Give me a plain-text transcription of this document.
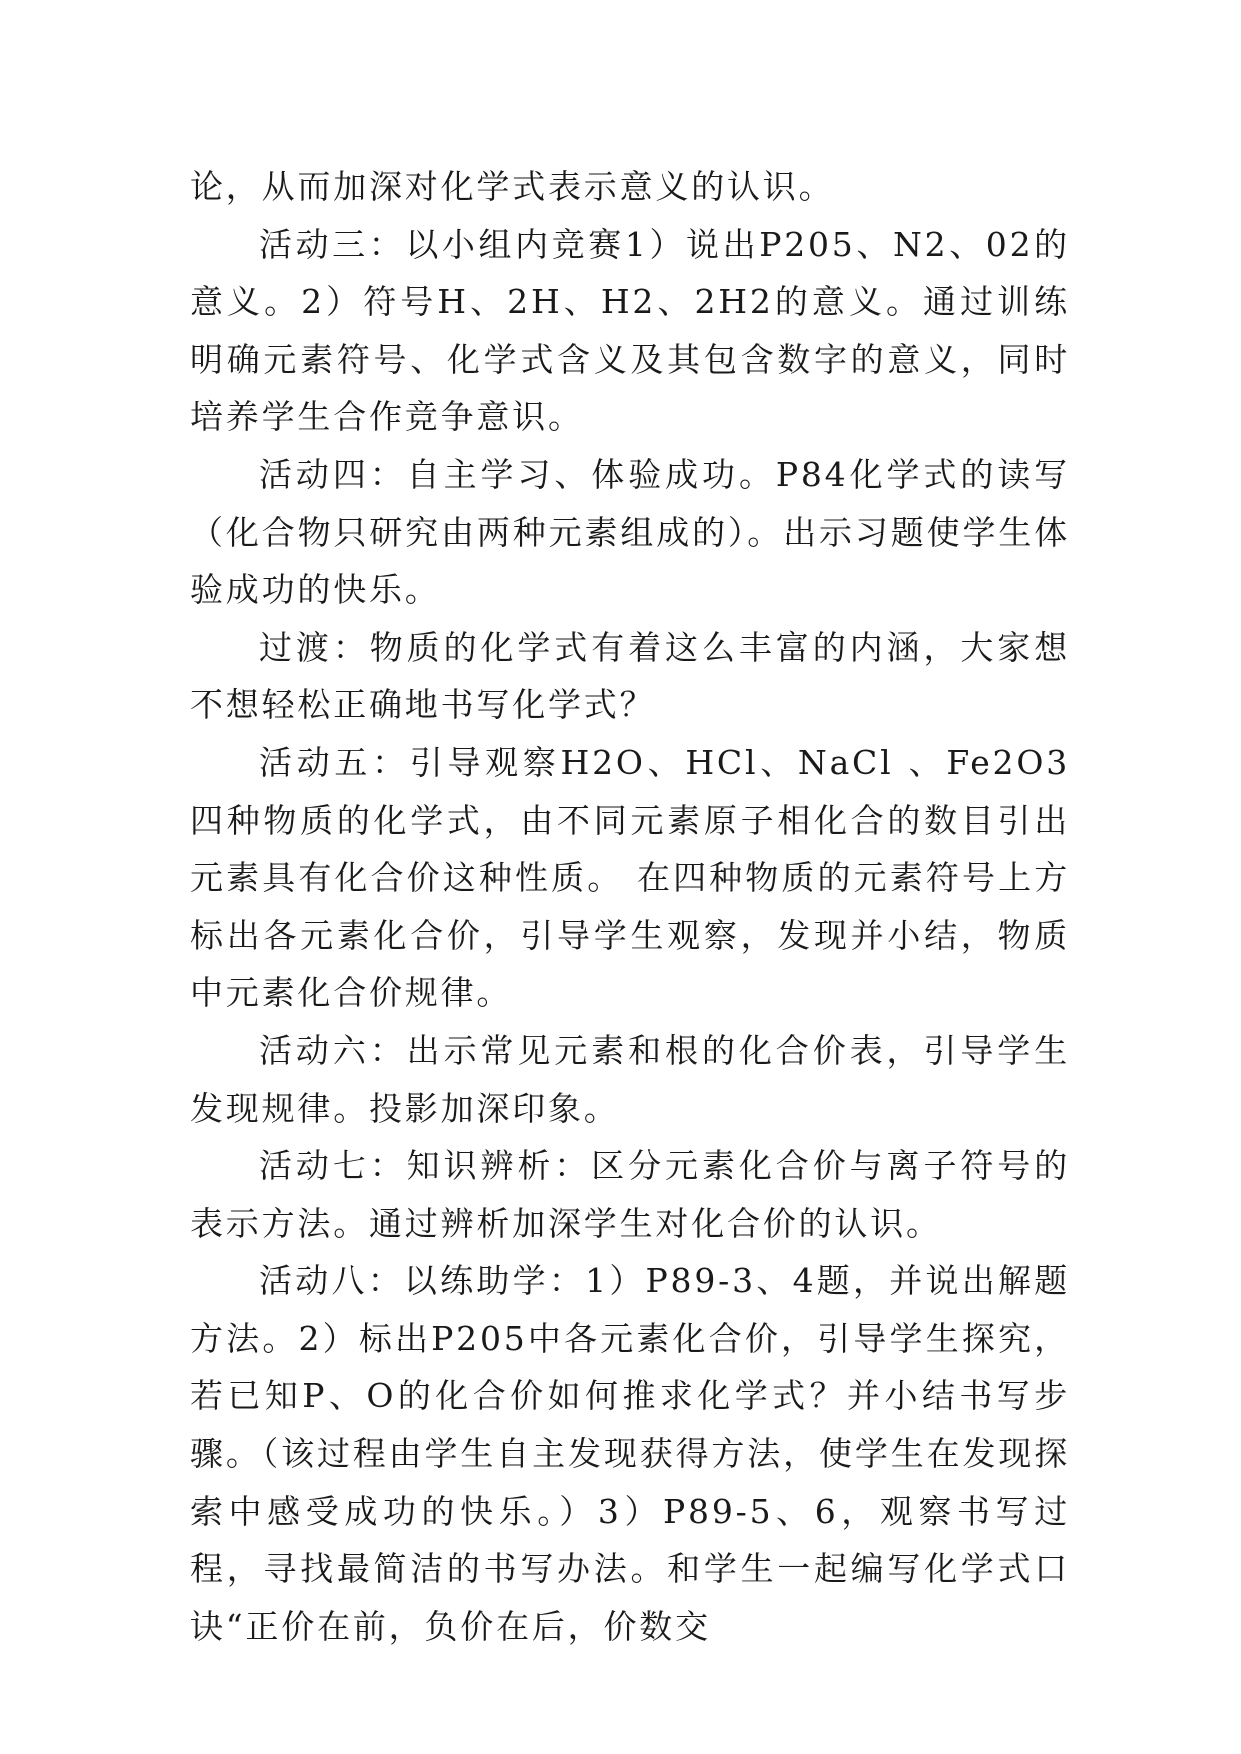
论，从而加深对化学式表示意义的认识。

活动三：以小组内竞赛1）说出P205、N2、02的意义。2）符号H、2H、H2、2H2的意义。通过训练明确元素符号、化学式含义及其包含数字的意义，同时培养学生合作竞争意识。

活动四：自主学习、体验成功。P84化学式的读写（化合物只研究由两种元素组成的）。出示习题使学生体验成功的快乐。

过渡：物质的化学式有着这么丰富的内涵，大家想不想轻松正确地书写化学式？

活动五：引导观察H2O、HCl、NaCl 、Fe2O3四种物质的化学式，由不同元素原子相化合的数目引出元素具有化合价这种性质。 在四种物质的元素符号上方标出各元素化合价，引导学生观察，发现并小结，物质中元素化合价规律。

活动六：出示常见元素和根的化合价表，引导学生发现规律。投影加深印象。

活动七：知识辨析：区分元素化合价与离子符号的表示方法。通过辨析加深学生对化合价的认识。

活动八：以练助学：1）P89-3、4题，并说出解题方法。2）标出P205中各元素化合价，引导学生探究，若已知P、O的化合价如何推求化学式？并小结书写步骤。（该过程由学生自主发现获得方法，使学生在发现探索中感受成功的快乐。）3）P89-5、6，观察书写过程，寻找最简洁的书写办法。和学生一起编写化学式口诀“正价在前，负价在后，价数交
